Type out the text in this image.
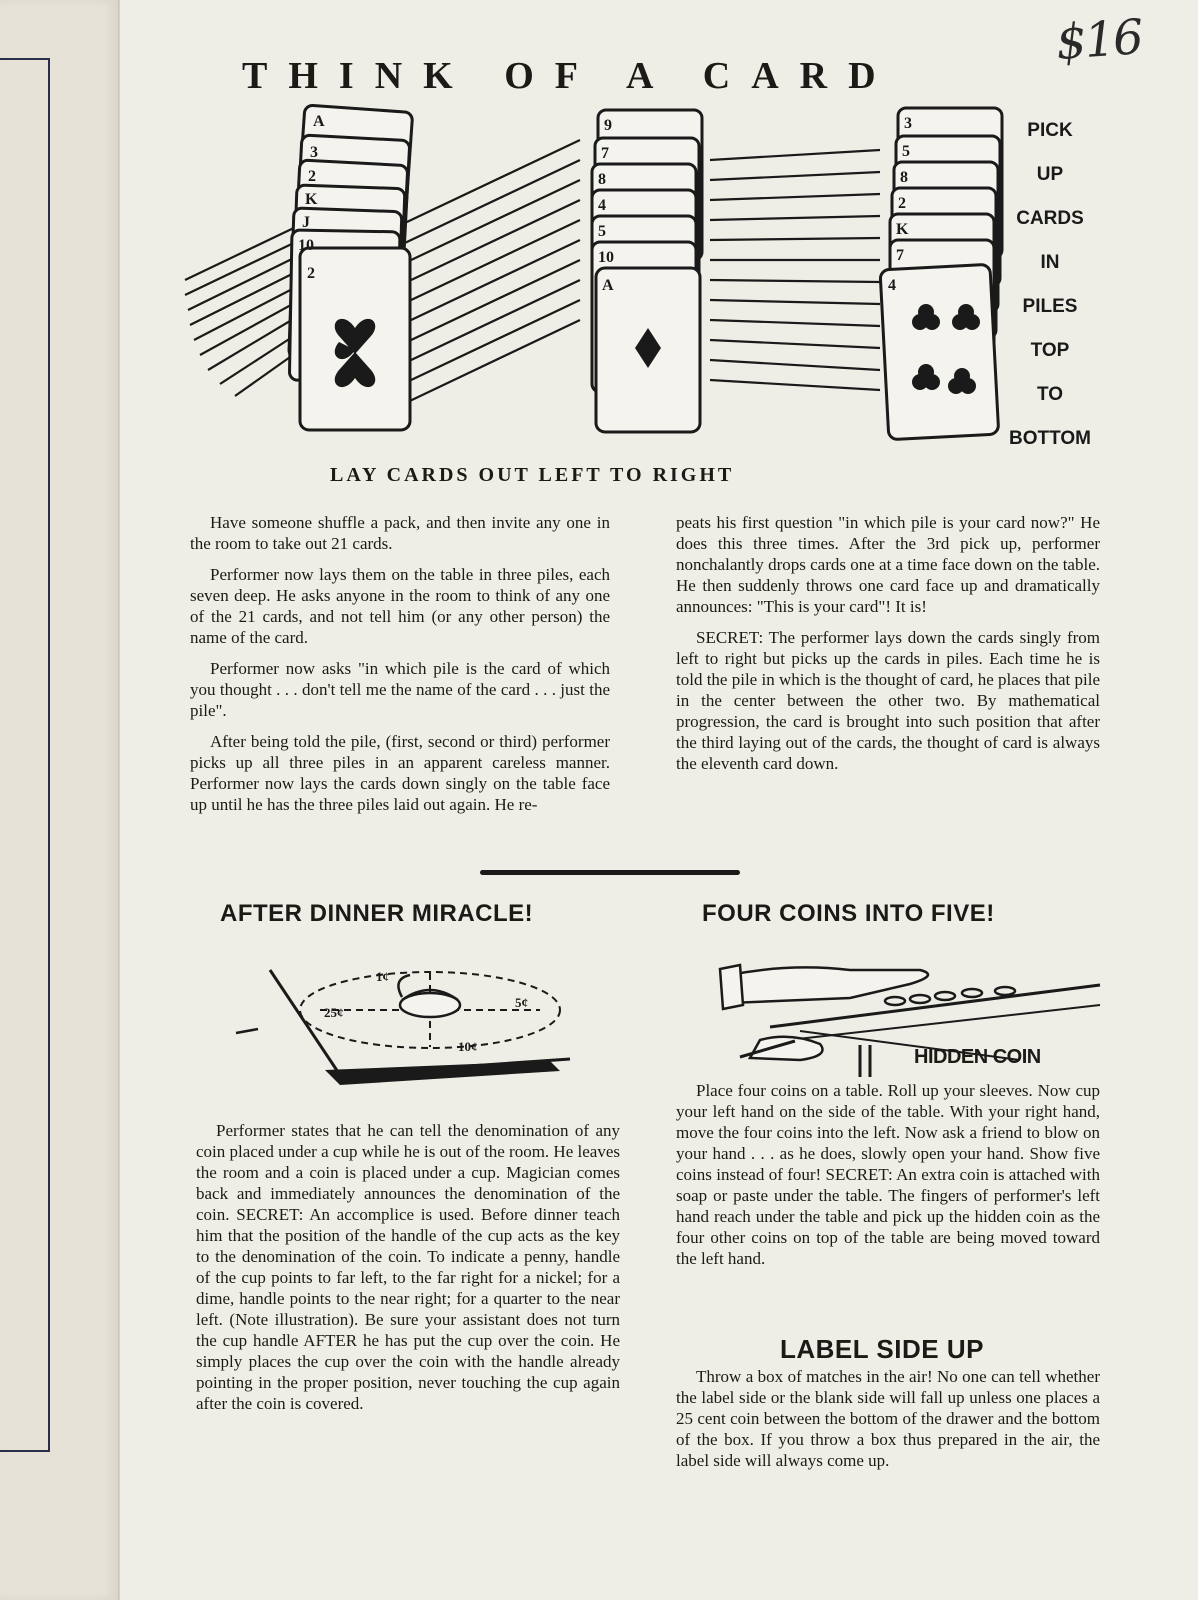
$16
THINK OF A CARD
A
3
2
K
J
10
2
9
7
8
4
5
10
A
3
5
8
2
K
7
4
PICK
UP
CARDS
IN
PILES
TOP
TO
BOTTOM
LAY CARDS OUT LEFT TO RIGHT

Have someone shuffle a pack, and then invite any one in the room to take out 21 cards.

Performer now lays them on the table in three piles, each seven deep. He asks anyone in the room to think of any one of the 21 cards, and not tell him (or any other person) the name of the card.

Performer now asks "in which pile is the card of which you thought . . . don't tell me the name of the card . . . just the pile".

After being told the pile, (first, second or third) performer picks up all three piles in an apparent careless manner. Performer now lays the cards down singly on the table face up until he has the three piles laid out again. He re-

peats his first question "in which pile is your card now?" He does this three times. After the 3rd pick up, performer nonchalantly drops cards one at a time face down on the table. He then suddenly throws one card face up and dramatically announces: "This is your card"! It is!

SECRET: The performer lays down the cards singly from left to right but picks up the cards in piles. Each time he is told the pile in which is the thought of card, he places that pile in the center between the other two. By mathematical progression, the card is brought into such position that after the third laying out of the cards, the thought of card is always the eleventh card down.

AFTER DINNER MIRACLE!	FOUR COINS INTO FIVE!
1¢
5¢
25¢
10¢	HIDDEN COIN

Performer states that he can tell the denomination of any coin placed under a cup while he is out of the room. He leaves the room and a coin is placed under a cup. Magician comes back and immediately announces the denomination of the coin. SECRET: An accomplice is used. Before dinner teach him that the position of the handle of the cup acts as the key to the denomination of the coin. To indicate a penny, handle of the cup points to far left, to the far right for a nickel; for a dime, handle points to the near right; for a quarter to the near left. (Note illustration). Be sure your assistant does not turn the cup handle AFTER he has put the cup over the coin. He simply places the cup over the coin with the handle already pointing in the proper position, never touching the cup again after the coin is covered.

Place four coins on a table. Roll up your sleeves. Now cup your left hand on the side of the table. With your right hand, move the four coins into the left. Now ask a friend to blow on your hand . . . as he does, slowly open your hand. Show five coins instead of four! SECRET: An extra coin is attached with soap or paste under the table. The fingers of performer's left hand reach under the table and pick up the hidden coin as the four other coins on top of the table are being moved toward the left hand.

LABEL SIDE UP

Throw a box of matches in the air! No one can tell whether the label side or the blank side will fall up unless one places a 25 cent coin between the bottom of the drawer and the bottom of the box. If you throw a box thus prepared in the air, the label side will always come up.
